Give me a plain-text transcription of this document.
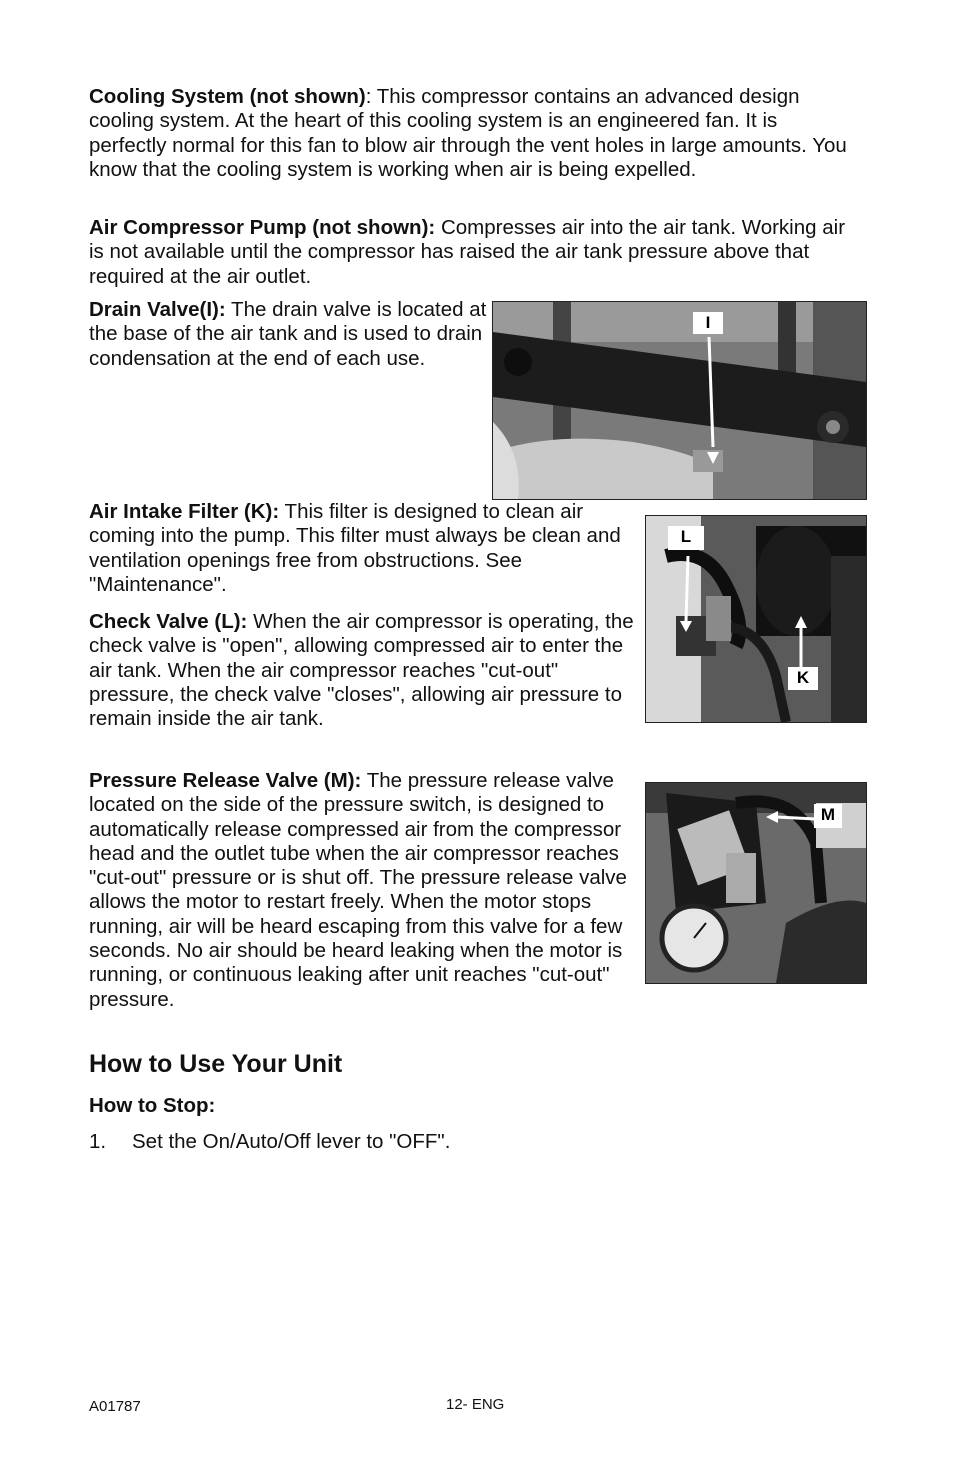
Cooling System (not shown): This compressor contains an advanced design cooling system. At the heart of this cooling system is an engineered fan. It is perfectly normal for this fan to blow air through the vent holes in large amounts. You know that the cooling system is working when air is being expelled.

Air Compressor Pump (not shown): Compresses air into the air tank. Working air is not available until the compressor has raised the air tank pressure above that required at the air outlet.

Drain Valve(I): The drain valve is located at the base of the air tank and is used to drain condensation at the end of each use.

I

Air Intake Filter (K): This filter is designed to clean air coming into the pump. This filter must always be clean and ventilation openings free from obstructions. See "Maintenance".

L
K

Check Valve (L): When the air compressor is operating, the check valve is "open", allowing compressed air to enter the air tank. When the air compressor reaches "cut-out" pressure, the check valve "closes", allowing air pressure to remain inside the air tank.

Pressure Release Valve (M): The pressure release valve located on the side of the pressure switch, is designed to automatically release compressed air from the compressor head and the outlet tube when the air compressor reaches "cut-out" pressure or is shut off. The pressure release valve allows the motor to restart freely. When the motor stops running, air will be heard escaping from this valve for a few seconds. No air should be heard leaking when the motor is running, or continuous leaking after unit reaches "cut-out" pressure.

M
How to Use Your Unit
How to Stop:

1. Set the On/Auto/Off lever to "OFF".

A01787	12- ENG
